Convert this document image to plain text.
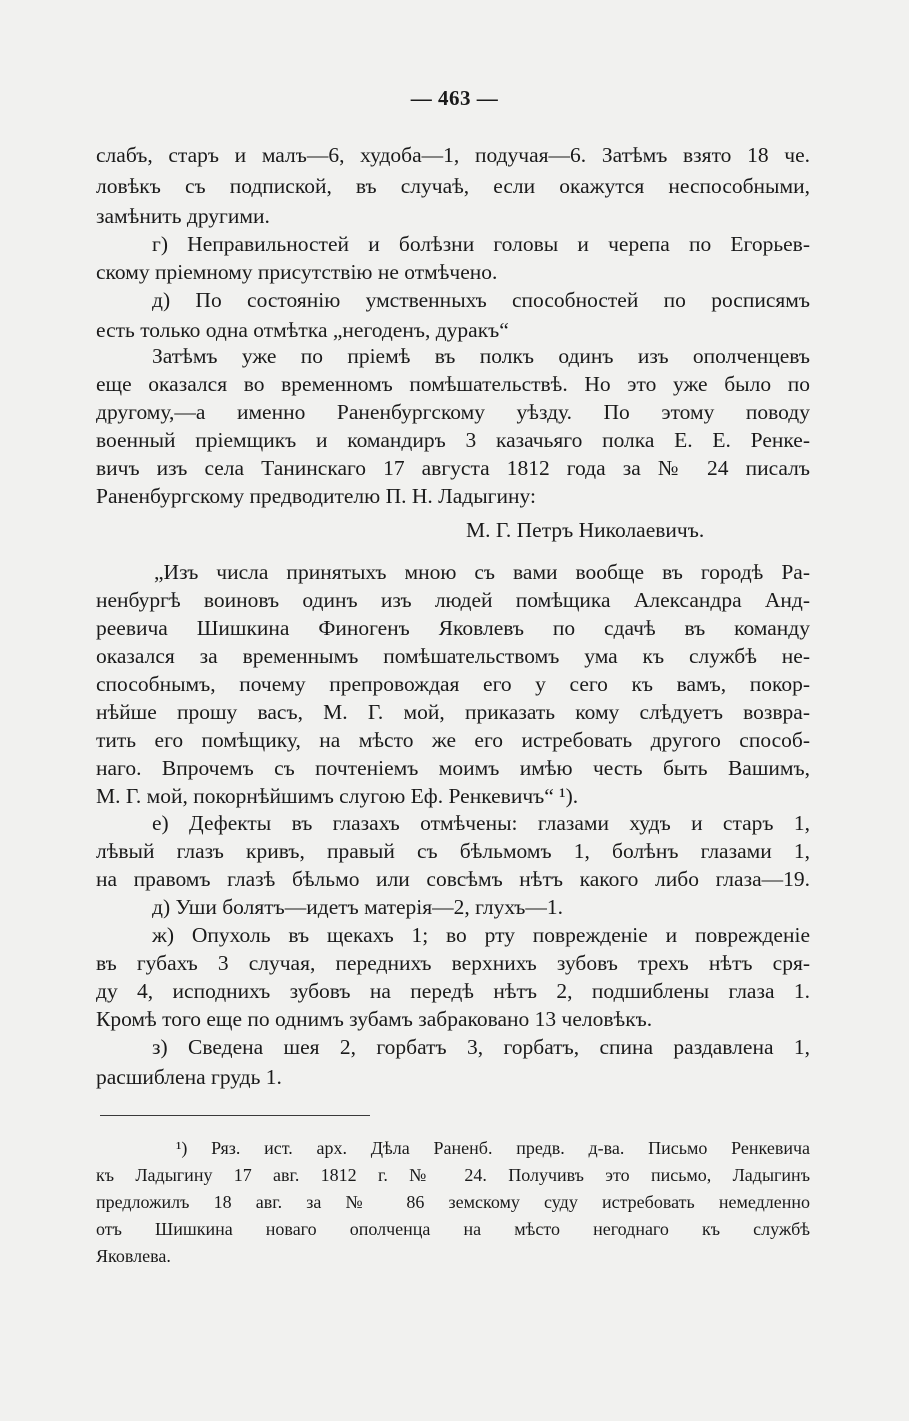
— 463 —
слабъ, старъ и малъ—6, худоба—1, подучая—6. Затѣмъ взято 18 че.
ловѣкъ съ подпиской, въ случаѣ, если окажутся неспособными,
замѣнить другими.
г) Неправильностей и болѣзни головы и черепа по Егорьев-
скому пріемному присутствію не отмѣчено.
д) По состоянію умственныхъ способностей по росписямъ
есть только одна отмѣтка „негоденъ, дуракъ“
Затѣмъ уже по пріемѣ въ полкъ одинъ изъ ополченцевъ
еще оказался во временномъ помѣшательствѣ. Но это уже было по
другому,—а именно Раненбургскому уѣзду. По этому поводу
военный пріемщикъ и командиръ 3 казачьяго полка Е. Е. Ренке-
вичъ изъ села Танинскаго 17 августа 1812 года за № 24 писалъ
Раненбургскому предводителю П. Н. Ладыгину:
М. Г. Петръ Николаевичъ.
„Изъ числа принятыхъ мною съ вами вообще въ городѣ Ра-
ненбургѣ воиновъ одинъ изъ людей помѣщика Александра Анд-
реевича Шишкина Финогенъ Яковлевъ по сдачѣ въ команду
оказался за временнымъ помѣшательствомъ ума къ службѣ не-
способнымъ, почему препровождая его у сего къ вамъ, покор-
нѣйше прошу васъ, М. Г. мой, приказать кому слѣдуетъ возвра-
тить его помѣщику, на мѣсто же его истребовать другого способ-
наго. Впрочемъ съ почтеніемъ моимъ имѣю честь быть Вашимъ,
М. Г. мой, покорнѣйшимъ слугою Еф. Ренкевичъ“ ¹).
е) Дефекты въ глазахъ отмѣчены: глазами худъ и старъ 1,
лѣвый глазъ кривъ, правый съ бѣльмомъ 1, болѣнъ глазами 1,
на правомъ глазѣ бѣльмо или совсѣмъ нѣтъ какого либо глаза—19.
д) Уши болятъ—идетъ матерія—2, глухъ—1.
ж) Опухоль въ щекахъ 1; во рту поврежденіе и поврежденіе
въ губахъ 3 случая, переднихъ верхнихъ зубовъ трехъ нѣтъ сря-
ду 4, исподнихъ зубовъ на передѣ нѣтъ 2, подшиблены глаза 1.
Кромѣ того еще по однимъ зубамъ забраковано 13 человѣкъ.
з) Сведена шея 2, горбатъ 3, горбатъ, спина раздавлена 1,
расшиблена грудь 1.
¹) Ряз. ист. арх. Дѣла Раненб. предв. д-ва. Письмо Ренкевича
къ Ладыгину 17 авг. 1812 г. № 24. Получивъ это письмо, Ладыгинъ
предложилъ 18 авг. за № 86 земскому суду истребовать немедленно
отъ Шишкина новаго ополченца на мѣсто негоднаго къ службѣ
Яковлева.
